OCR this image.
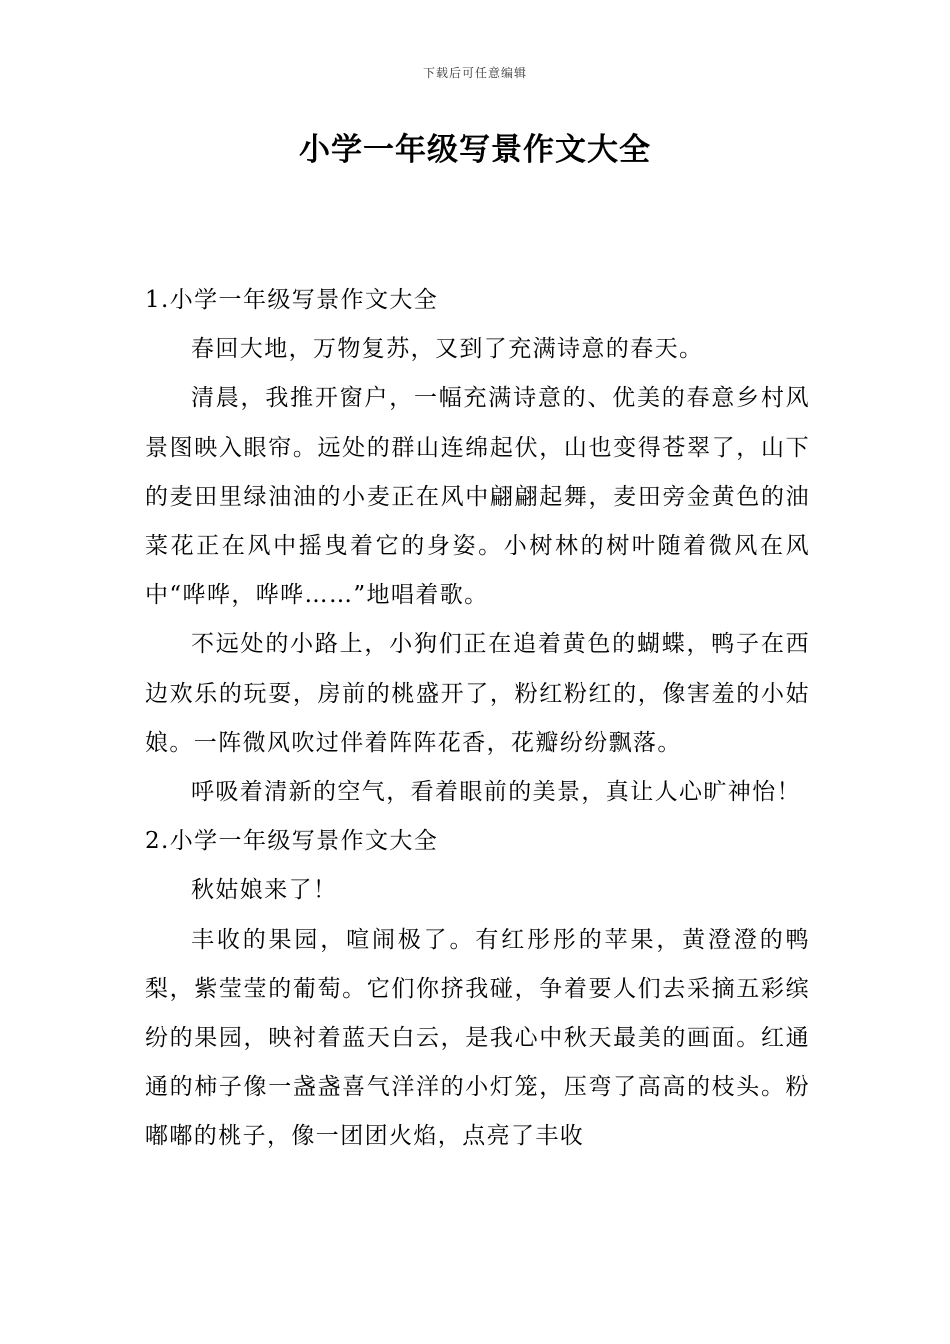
下载后可任意编辑
小学一年级写景作文大全

1.小学一年级写景作文大全

春回大地，万物复苏，又到了充满诗意的春天。

清晨，我推开窗户，一幅充满诗意的、优美的春意乡村风景图映入眼帘。远处的群山连绵起伏，山也变得苍翠了，山下的麦田里绿油油的小麦正在风中翩翩起舞，麦田旁金黄色的油菜花正在风中摇曳着它的身姿。小树林的树叶随着微风在风中“哗哗，哗哗……”地唱着歌。

不远处的小路上，小狗们正在追着黄色的蝴蝶，鸭子在西边欢乐的玩耍，房前的桃盛开了，粉红粉红的，像害羞的小姑娘。一阵微风吹过伴着阵阵花香，花瓣纷纷飘落。

呼吸着清新的空气，看着眼前的美景，真让人心旷神怡！

2.小学一年级写景作文大全

秋姑娘来了！

丰收的果园，喧闹极了。有红彤彤的苹果，黄澄澄的鸭梨，紫莹莹的葡萄。它们你挤我碰，争着要人们去采摘五彩缤纷的果园，映衬着蓝天白云，是我心中秋天最美的画面。红通通的柿子像一盏盏喜气洋洋的小灯笼，压弯了高高的枝头。粉嘟嘟的桃子，像一团团火焰，点亮了丰收
